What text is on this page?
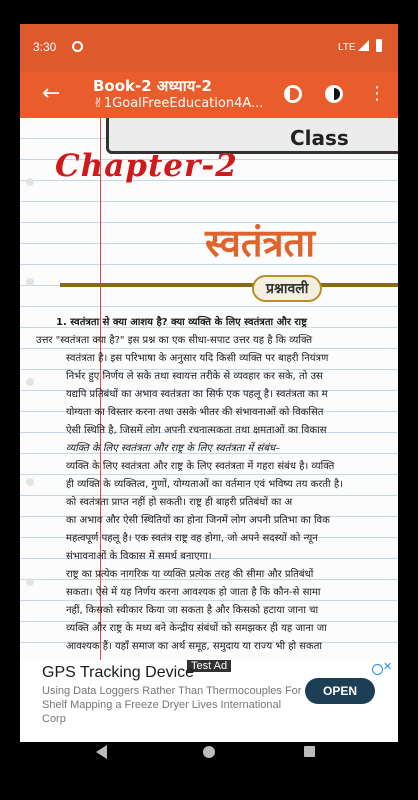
3:30	LTE
← Book-2 अध्याय-2
✌1GoalFreeEducation4A...	⋮
Class
Chapter-2
स्वतंत्रता
प्रश्नावली
1. स्वतंत्रता से क्या आशय है? क्या व्यक्ति के लिए स्वतंत्रता और राष्ट्र
उत्तर "स्वतंत्रता क्या है?" इस प्रश्न का एक सीधा-सपाट उत्तर यह है कि व्यक्ति
स्वतंत्रता है। इस परिभाषा के अनुसार यदि किसी व्यक्ति पर बाहरी नियंत्रण
निर्भर हुए निर्णय ले सके तथा स्वायत्त तरीके से व्यवहार कर सके, तो उस
यद्यपि प्रतिबंधों का अभाव स्वतंत्रता का सिर्फ एक पहलू है। स्वतंत्रता का म
योग्यता का विस्तार करना तथा उसके भीतर की संभावनाओं को विकसित
ऐसी स्थिति है, जिसमें लोग अपनी रचनात्मकता तथा क्षमताओं का विकास
व्यक्ति के लिए स्वतंत्रता और राष्ट्र के लिए स्वतंत्रता में संबंध–
व्यक्ति के लिए स्वतंत्रता और राष्ट्र के लिए स्वतंत्रता में गहरा संबंध है। व्यक्ति
ही व्यक्ति के व्यक्तित्व, गुणों, योग्यताओं का वर्तमान एवं भविष्य तय करती है।
को स्वतंत्रता प्राप्त नहीं हो सकती। राष्ट्र ही बाहरी प्रतिबंधों का अ
का अभाव और ऐसी स्थितियों का होना जिनमें लोग अपनी प्रतिभा का विक
महत्वपूर्ण पहलू है। एक स्वतंत्र राष्ट्र वह होगा, जो अपने सदस्यों को न्यून
संभावनाओं के विकास में समर्थ बनाएगा।
राष्ट्र का प्रत्येक नागरिक या व्यक्ति प्रत्येक तरह की सीमा और प्रतिबंधों
सकता। ऐसे में यह निर्णय करना आवश्यक हो जाता है कि कौन-से सामा
नहीं, किसको स्वीकार किया जा सकता है और किसको हटाया जाना चा
व्यक्ति और राष्ट्र के मध्य बने केन्द्रीय संबंधों को समझकर ही यह जाना जा
आवश्यक हैं। यहाँ समाज का अर्थ समूह, समुदाय या राज्य भी हो सकता
Test Ad	✕
GPS Tracking Device
Using Data Loggers Rather Than Thermocouples For Shelf Mapping a Freeze Dryer Lives International Corp
OPEN
